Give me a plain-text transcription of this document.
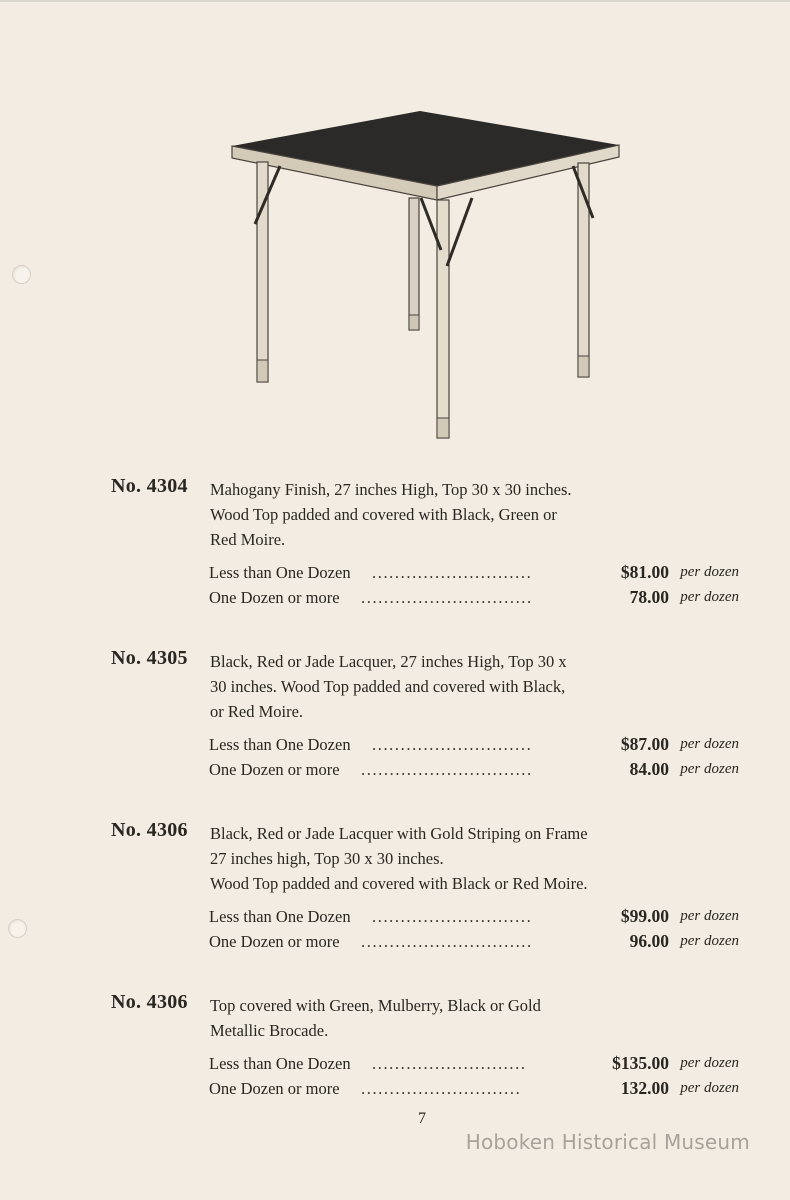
No. 4304 Mahogany Finish, 27 inches High, Top 30 x 30 inches.
Wood Top padded and covered with Black, Green or
Red Moire.
Less than One Dozen ............................	$81.00 per dozen
One Dozen or more ..............................	78.00 per dozen
No. 4305 Black, Red or Jade Lacquer, 27 inches High, Top 30 x
30 inches. Wood Top padded and covered with Black,
or Red Moire.
Less than One Dozen ............................	$87.00 per dozen
One Dozen or more ..............................	84.00 per dozen
No. 4306 Black, Red or Jade Lacquer with Gold Striping on Frame
27 inches high, Top 30 x 30 inches.
Wood Top padded and covered with Black or Red Moire.
Less than One Dozen ............................	$99.00 per dozen
One Dozen or more ..............................	96.00 per dozen
No. 4306 Top covered with Green, Mulberry, Black or Gold
Metallic Brocade.
Less than One Dozen ...........................	$135.00 per dozen
One Dozen or more ............................	132.00 per dozen
7
Hoboken Historical Museum
